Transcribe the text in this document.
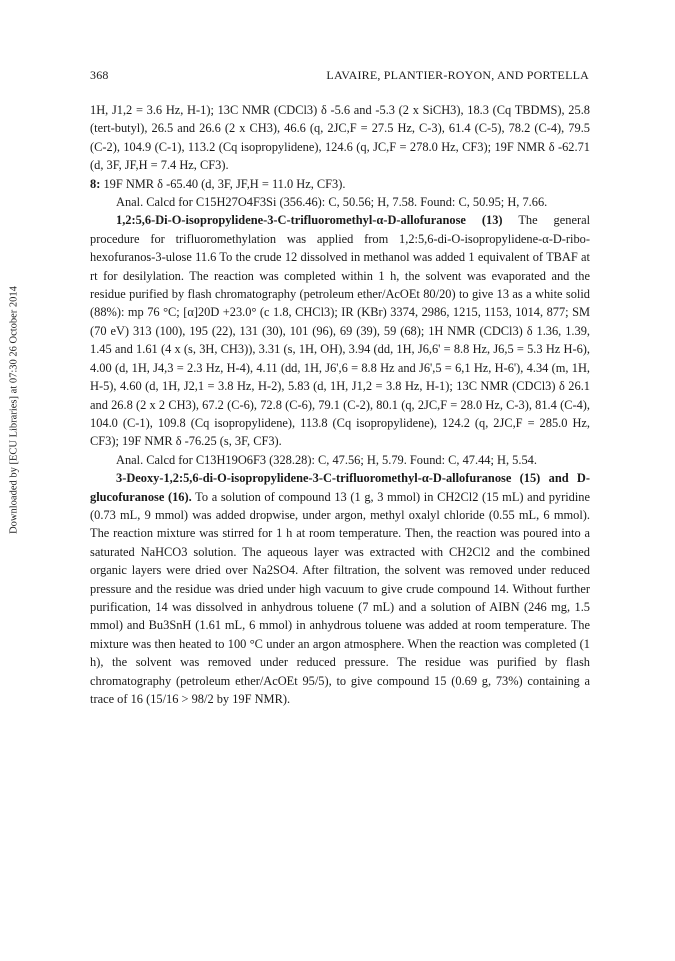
Downloaded by [ECU Libraries] at 07:30 26 October 2014
368	LAVAIRE, PLANTIER-ROYON, AND PORTELLA

1H, J1,2 = 3.6 Hz, H-1); 13C NMR (CDCl3) δ -5.6 and -5.3 (2 x SiCH3), 18.3 (Cq TBDMS), 25.8 (tert-butyl), 26.5 and 26.6 (2 x CH3), 46.6 (q, 2JC,F = 27.5 Hz, C-3), 61.4 (C-5), 78.2 (C-4), 79.5 (C-2), 104.9 (C-1), 113.2 (Cq isopropylidene), 124.6 (q, JC,F = 278.0 Hz, CF3); 19F NMR δ -62.71 (d, 3F, JF,H = 7.4 Hz, CF3).

8: 19F NMR δ -65.40 (d, 3F, JF,H = 11.0 Hz, CF3).

Anal. Calcd for C15H27O4F3Si (356.46): C, 50.56; H, 7.58. Found: C, 50.95; H, 7.66.

1,2:5,6-Di-O-isopropylidene-3-C-trifluoromethyl-α-D-allofuranose (13) The general procedure for trifluoromethylation was applied from 1,2:5,6-di-O-isopropylidene-α-D-ribo-hexofuranos-3-ulose 11.6 To the crude 12 dissolved in methanol was added 1 equivalent of TBAF at rt for desilylation. The reaction was completed within 1 h, the solvent was evaporated and the residue purified by flash chromatography (petroleum ether/AcOEt 80/20) to give 13 as a white solid (88%): mp 76 °C; [α]20D +23.0° (c 1.8, CHCl3); IR (KBr) 3374, 2986, 1215, 1153, 1014, 877; SM (70 eV) 313 (100), 195 (22), 131 (30), 101 (96), 69 (39), 59 (68); 1H NMR (CDCl3) δ 1.36, 1.39, 1.45 and 1.61 (4 x (s, 3H, CH3)), 3.31 (s, 1H, OH), 3.94 (dd, 1H, J6,6' = 8.8 Hz, J6,5 = 5.3 Hz H-6), 4.00 (d, 1H, J4,3 = 2.3 Hz, H-4), 4.11 (dd, 1H, J6',6 = 8.8 Hz and J6',5 = 6,1 Hz, H-6'), 4.34 (m, 1H, H-5), 4.60 (d, 1H, J2,1 = 3.8 Hz, H-2), 5.83 (d, 1H, J1,2 = 3.8 Hz, H-1); 13C NMR (CDCl3) δ 26.1 and 26.8 (2 x 2 CH3), 67.2 (C-6), 72.8 (C-6), 79.1 (C-2), 80.1 (q, 2JC,F = 28.0 Hz, C-3), 81.4 (C-4), 104.0 (C-1), 109.8 (Cq isopropylidene), 113.8 (Cq isopropylidene), 124.2 (q, 2JC,F = 285.0 Hz, CF3); 19F NMR δ -76.25 (s, 3F, CF3).

Anal. Calcd for C13H19O6F3 (328.28): C, 47.56; H, 5.79. Found: C, 47.44; H, 5.54.

3-Deoxy-1,2:5,6-di-O-isopropylidene-3-C-trifluoromethyl-α-D-allofuranose (15) and D-glucofuranose (16). To a solution of compound 13 (1 g, 3 mmol) in CH2Cl2 (15 mL) and pyridine (0.73 mL, 9 mmol) was added dropwise, under argon, methyl oxalyl chloride (0.55 mL, 6 mmol). The reaction mixture was stirred for 1 h at room temperature. Then, the reaction was poured into a saturated NaHCO3 solution. The aqueous layer was extracted with CH2Cl2 and the combined organic layers were dried over Na2SO4. After filtration, the solvent was removed under reduced pressure and the residue was dried under high vacuum to give crude compound 14. Without further purification, 14 was dissolved in anhydrous toluene (7 mL) and a solution of AIBN (246 mg, 1.5 mmol) and Bu3SnH (1.61 mL, 6 mmol) in anhydrous toluene was added at room temperature. The mixture was then heated to 100 °C under an argon atmosphere. When the reaction was completed (1 h), the solvent was removed under reduced pressure. The residue was purified by flash chromatography (petroleum ether/AcOEt 95/5), to give compound 15 (0.69 g, 73%) containing a trace of 16 (15/16 > 98/2 by 19F NMR).
